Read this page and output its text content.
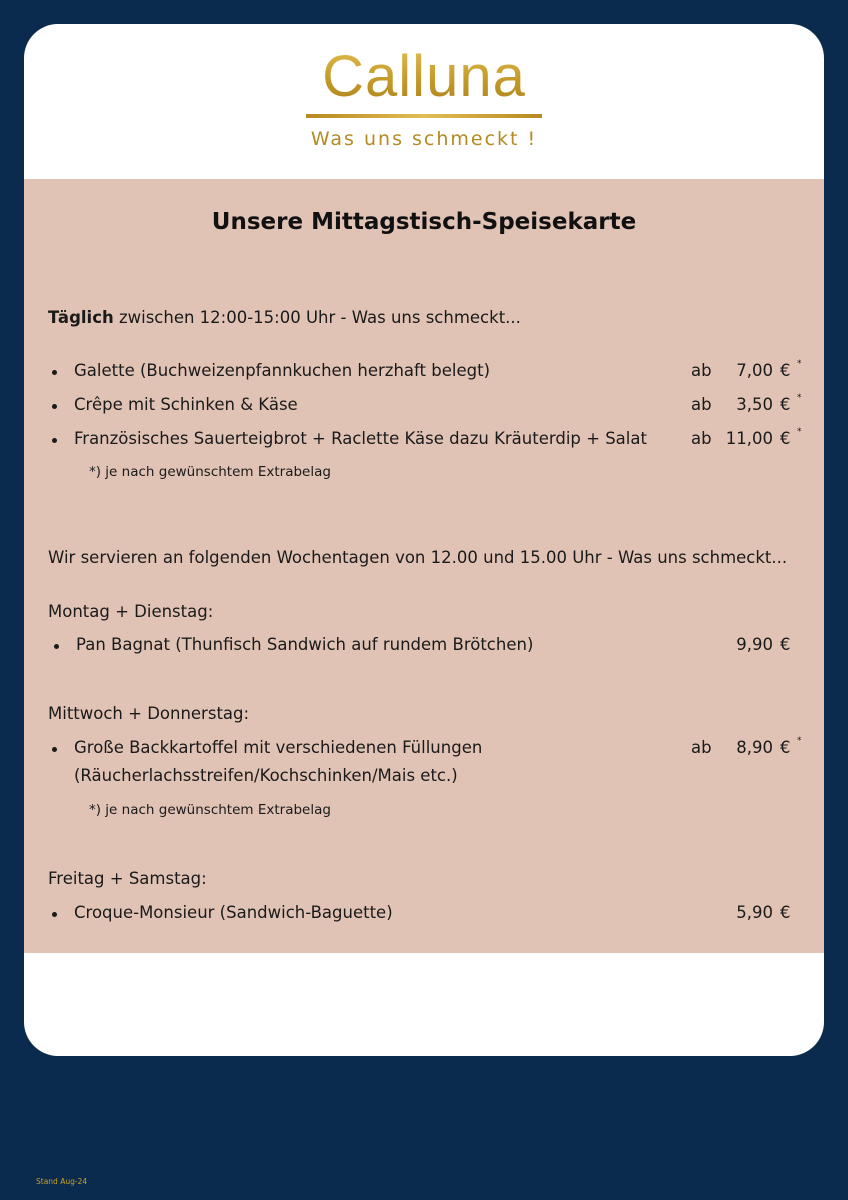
Calluna
Was uns schmeckt !
Unsere Mittagstisch-Speisekarte
Täglich zwischen 12:00-15:00 Uhr - Was uns schmeckt...
Galette (Buchweizenpfannkuchen herzhaft belegt)	ab 7,00 € *
Crêpe mit Schinken & Käse	ab 3,50 € *
Französisches Sauerteigbrot + Raclette Käse dazu Kräuterdip + Salat	ab 11,00 € *
*) je nach gewünschtem Extrabelag
Wir servieren an folgenden Wochentagen von 12.00 und 15.00 Uhr - Was uns schmeckt...
Montag + Dienstag:
Pan Bagnat (Thunfisch Sandwich auf rundem Brötchen)	9,90 €
Mittwoch + Donnerstag:
Große Backkartoffel mit verschiedenen Füllungen
(Räucherlachsstreifen/Kochschinken/Mais etc.)
ab 8,90 € *
*) je nach gewünschtem Extrabelag
Freitag + Samstag:
Croque-Monsieur (Sandwich-Baguette)	5,90 €
Stand Aug-24
